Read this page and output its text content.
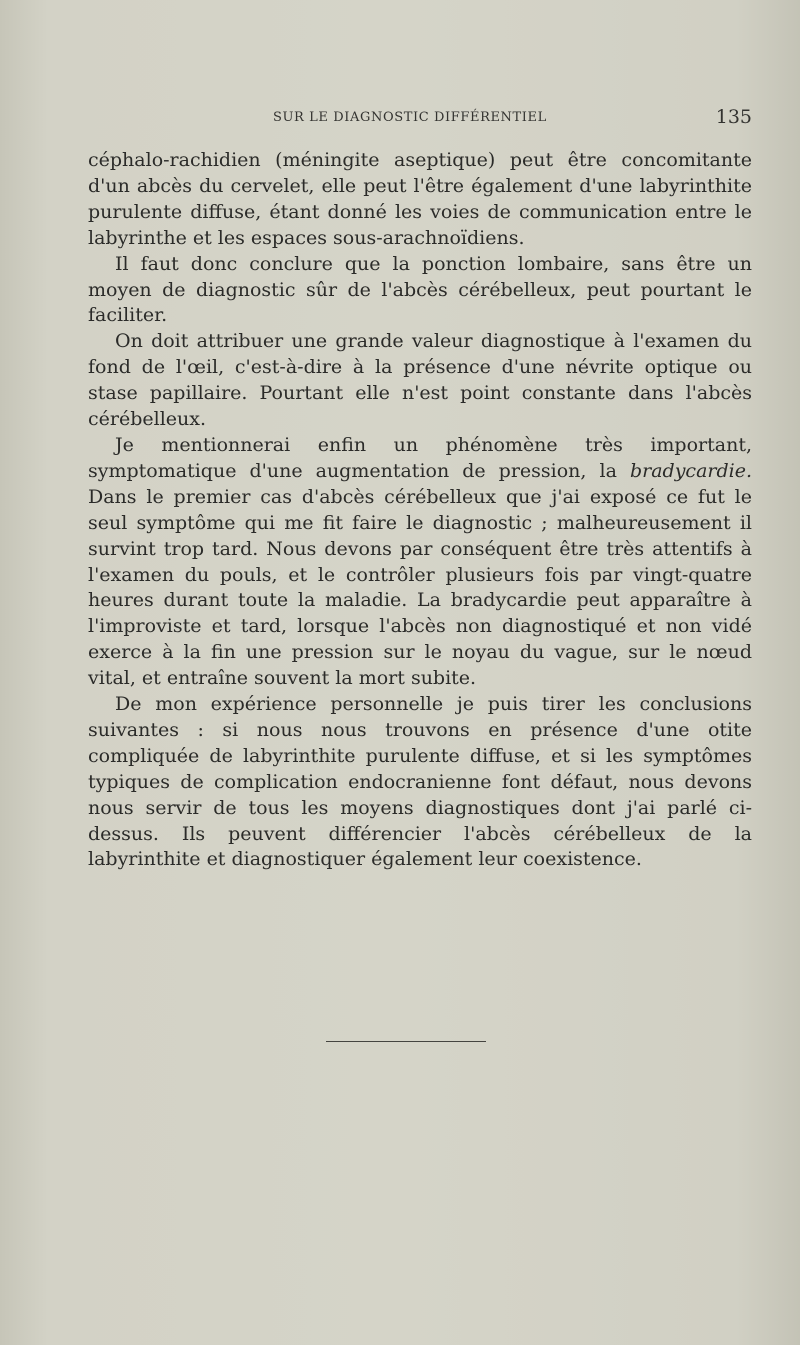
SUR LE DIAGNOSTIC DIFFÉRENTIEL	135

céphalo-rachidien (méningite aseptique) peut être concomitante d'un abcès du cervelet, elle peut l'être également d'une labyrinthite purulente diffuse, étant donné les voies de communication entre le labyrinthe et les espaces sous-arachnoïdiens.

Il faut donc conclure que la ponction lombaire, sans être un moyen de diagnostic sûr de l'abcès cérébelleux, peut pourtant le faciliter.

On doit attribuer une grande valeur diagnostique à l'examen du fond de l'œil, c'est-à-dire à la présence d'une névrite optique ou stase papillaire. Pourtant elle n'est point constante dans l'abcès cérébelleux.

Je mentionnerai enfin un phénomène très important, symptomatique d'une augmentation de pression, la bradycardie. Dans le premier cas d'abcès cérébelleux que j'ai exposé ce fut le seul symptôme qui me fit faire le diagnostic ; malheureusement il survint trop tard. Nous devons par conséquent être très attentifs à l'examen du pouls, et le contrôler plusieurs fois par vingt-quatre heures durant toute la maladie. La bradycardie peut apparaître à l'improviste et tard, lorsque l'abcès non diagnostiqué et non vidé exerce à la fin une pression sur le noyau du vague, sur le nœud vital, et entraîne souvent la mort subite.

De mon expérience personnelle je puis tirer les conclusions suivantes : si nous nous trouvons en présence d'une otite compliquée de labyrinthite purulente diffuse, et si les symptômes typiques de complication endocranienne font défaut, nous devons nous servir de tous les moyens diagnostiques dont j'ai parlé ci-dessus. Ils peuvent différencier l'abcès cérébelleux de la labyrinthite et diagnostiquer également leur coexistence.
